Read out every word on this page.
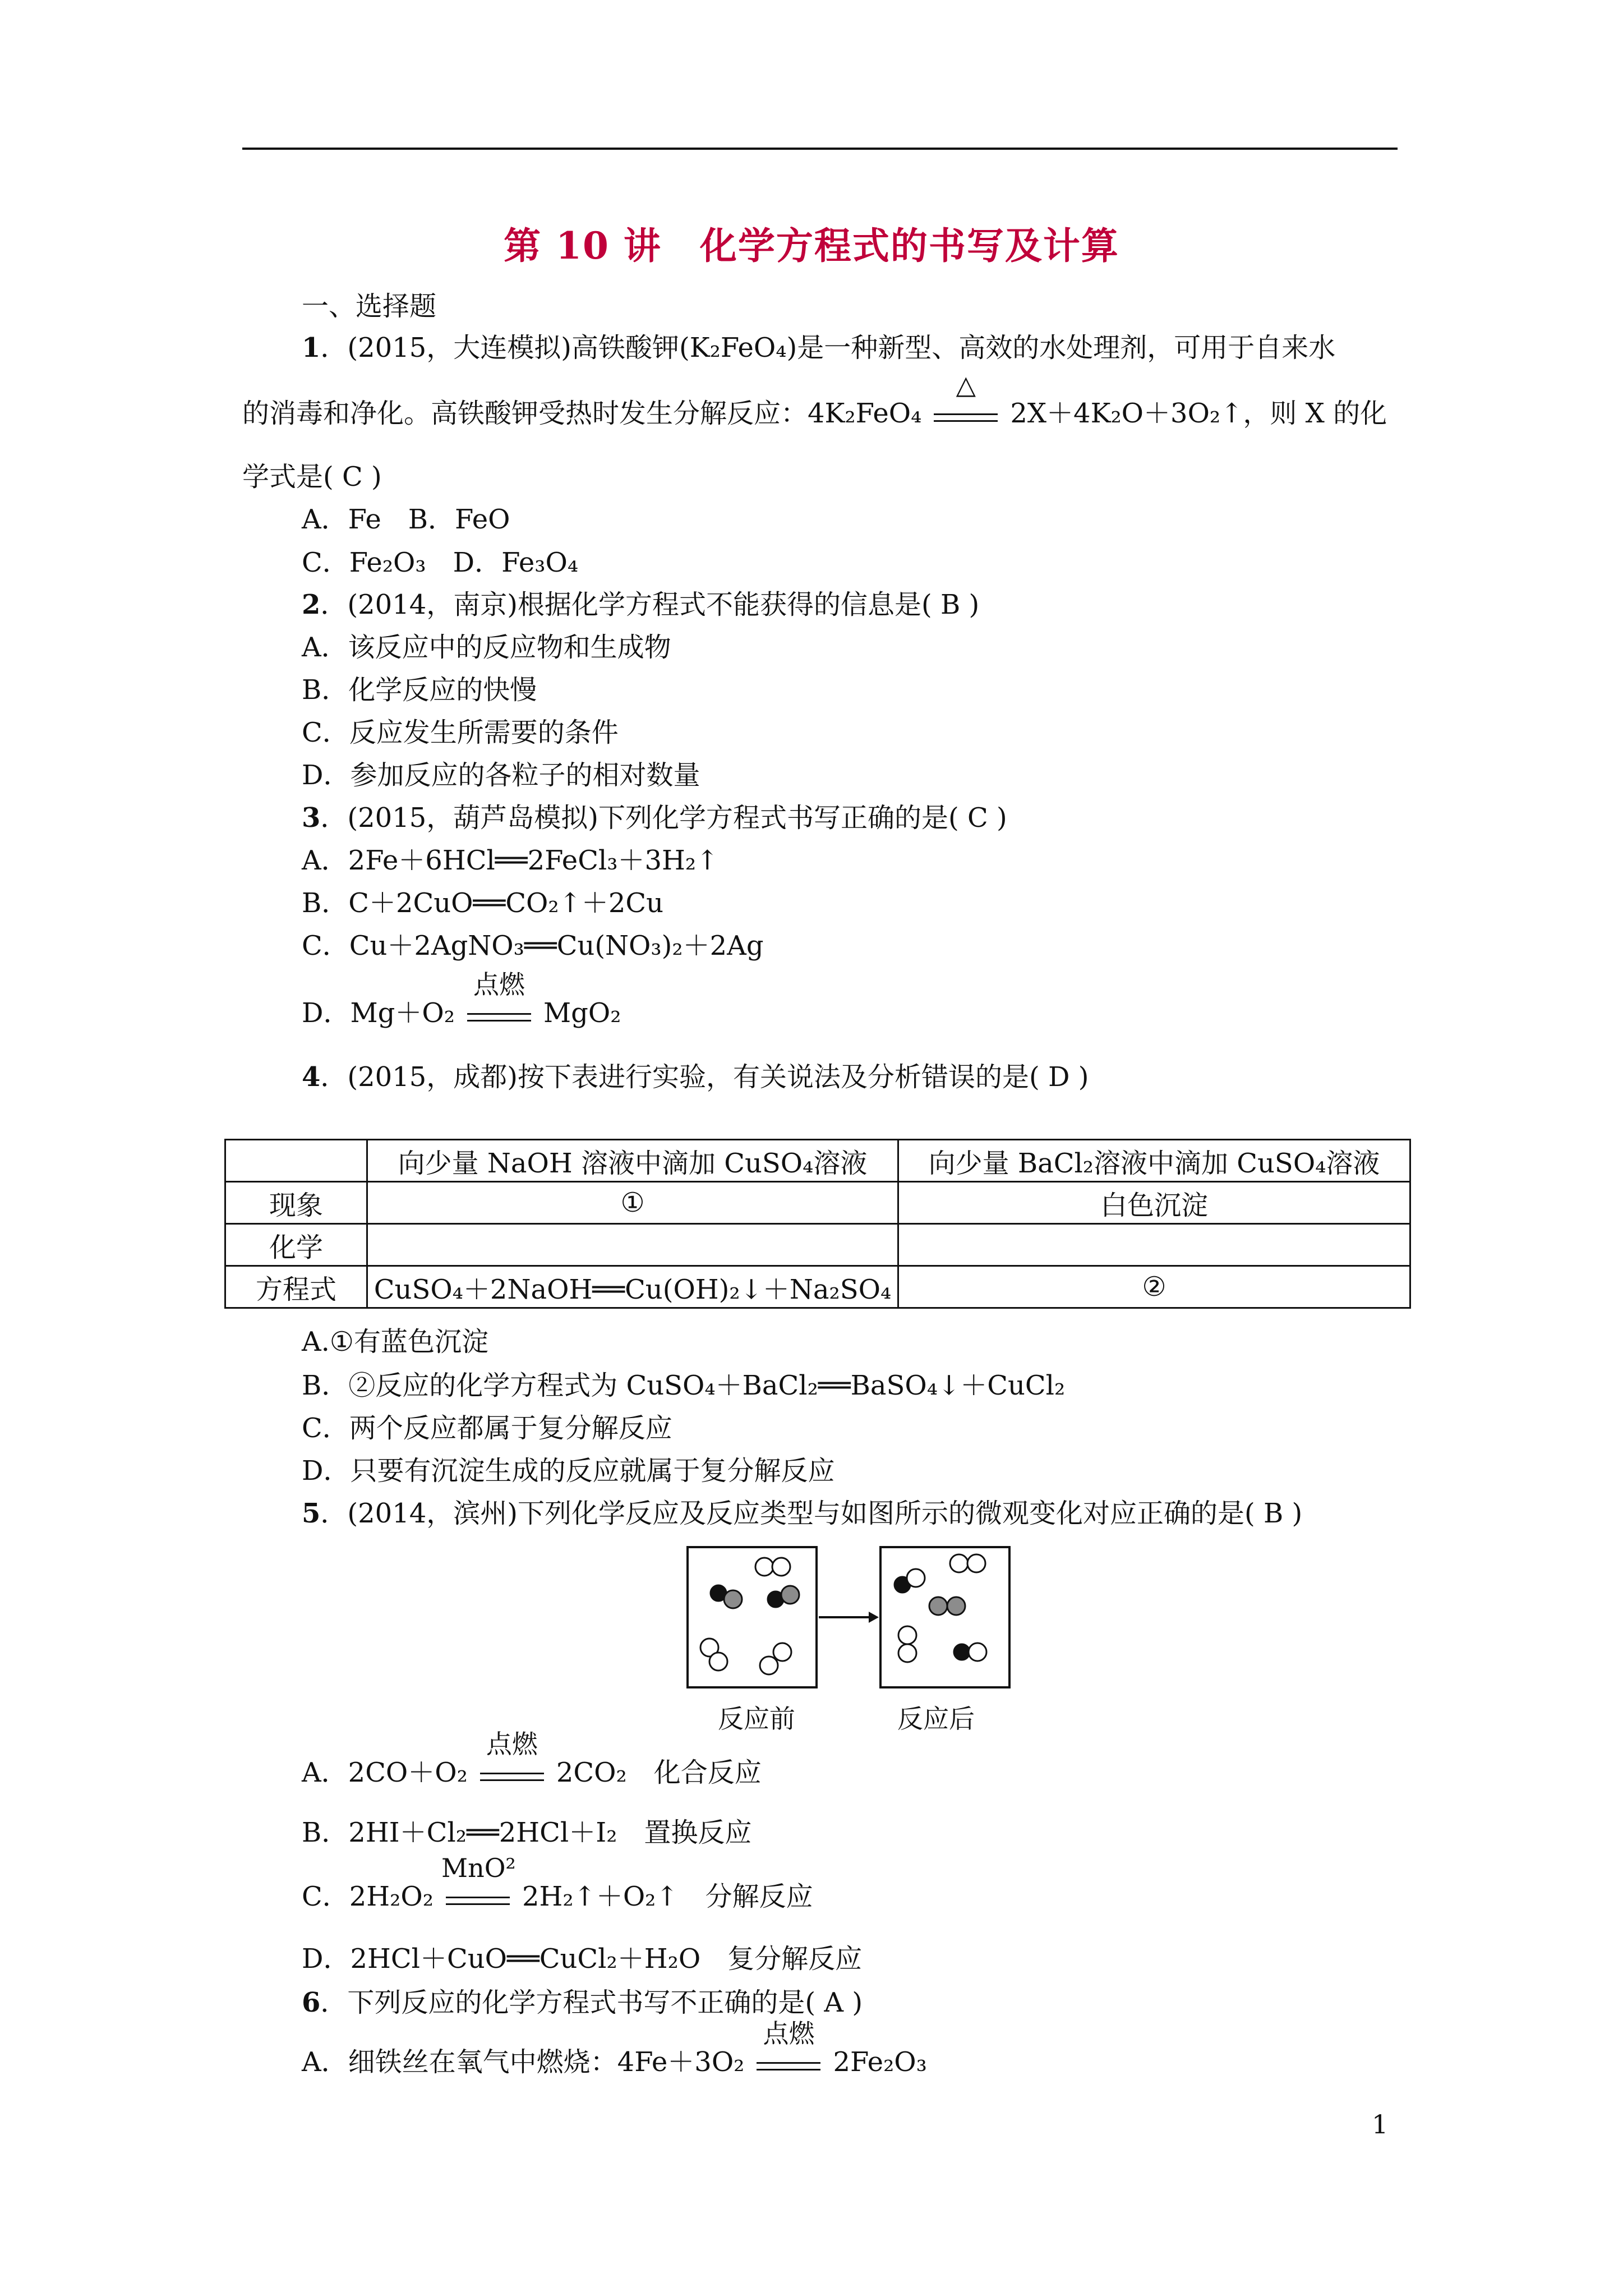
第 10 讲　化学方程式的书写及计算
一、选择题
1．(2015，大连模拟)高铁酸钾(K₂FeO₄)是一种新型、高效的水处理剂，可用于自来水
的消毒和净化。高铁酸钾受热时发生分解反应：4K₂FeO₄
△
2X＋4K₂O＋3O₂↑，则 X 的化
学式是( C )
A．Fe　B．FeO
C．Fe₂O₃　D．Fe₃O₄
2．(2014，南京)根据化学方程式不能获得的信息是( B )
A．该反应中的反应物和生成物
B．化学反应的快慢
C．反应发生所需要的条件
D．参加反应的各粒子的相对数量
3．(2015，葫芦岛模拟)下列化学方程式书写正确的是( C )
A．2Fe＋6HCl══2FeCl₃＋3H₂↑
B．C＋2CuO══CO₂↑＋2Cu
C．Cu＋2AgNO₃══Cu(NO₃)₂＋2Ag
D．Mg＋O₂
点燃
MgO₂
4．(2015，成都)按下表进行实验，有关说法及分析错误的是( D )
	向少量 NaOH 溶液中滴加 CuSO₄溶液	向少量 BaCl₂溶液中滴加 CuSO₄溶液
现象	①	白色沉淀
化学		
方程式	CuSO₄＋2NaOH══Cu(OH)₂↓＋Na₂SO₄	②
A.①有蓝色沉淀
B．②反应的化学方程式为 CuSO₄＋BaCl₂══BaSO₄↓＋CuCl₂
C．两个反应都属于复分解反应
D．只要有沉淀生成的反应就属于复分解反应
5．(2014，滨州)下列化学反应及反应类型与如图所示的微观变化对应正确的是( B )
反应前	反应后
A．2CO＋O₂
点燃
2CO₂　化合反应
B．2HI＋Cl₂══2HCl＋I₂　置换反应
C．2H₂O₂
MnO²
2H₂↑＋O₂↑　分解反应
D．2HCl＋CuO══CuCl₂＋H₂O　复分解反应
6．下列反应的化学方程式书写不正确的是( A )
A．细铁丝在氧气中燃烧：4Fe＋3O₂
点燃
2Fe₂O₃
1
